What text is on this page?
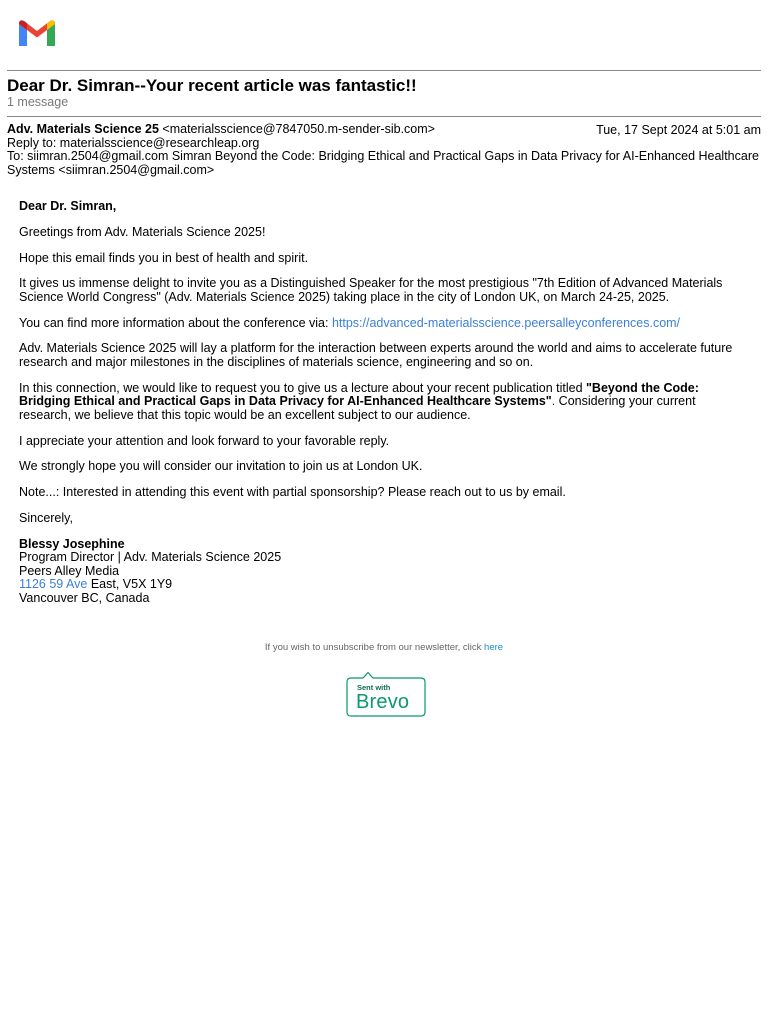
Dear Dr. Simran--Your recent article was fantastic!!
1 message
Adv. Materials Science 25 <materialsscience@7847050.m-sender-sib.com>	Tue, 17 Sept 2024 at 5:01 am
Reply to: materialsscience@researchleap.org
To: siimran.2504@gmail.com Simran Beyond the Code: Bridging Ethical and Practical Gaps in Data Privacy for AI-Enhanced Healthcare
Systems <siimran.2504@gmail.com>

Dear Dr. Simran,

Greetings from Adv. Materials Science 2025!

Hope this email finds you in best of health and spirit.

It gives us immense delight to invite you as a Distinguished Speaker for the most prestigious "7th Edition of Advanced Materials Science World Congress" (Adv. Materials Science 2025) taking place in the city of London UK, on March 24-25, 2025.

You can find more information about the conference via: https://advanced-materialsscience.peersalleyconferences.com/

Adv. Materials Science 2025 will lay a platform for the interaction between experts around the world and aims to accelerate future research and major milestones in the disciplines of materials science, engineering and so on.

In this connection, we would like to request you to give us a lecture about your recent publication titled "Beyond the Code: Bridging Ethical and Practical Gaps in Data Privacy for AI-Enhanced Healthcare Systems". Considering your current research, we believe that this topic would be an excellent subject to our audience.

I appreciate your attention and look forward to your favorable reply.

We strongly hope you will consider our invitation to join us at London UK.

Note...: Interested in attending this event with partial sponsorship? Please reach out to us by email.

Sincerely,

Blessy Josephine
Program Director | Adv. Materials Science 2025
Peers Alley Media
1126 59 Ave East, V5X 1Y9
Vancouver BC, Canada
If you wish to unsubscribe from our newsletter, click here
Sent with
Brevo
